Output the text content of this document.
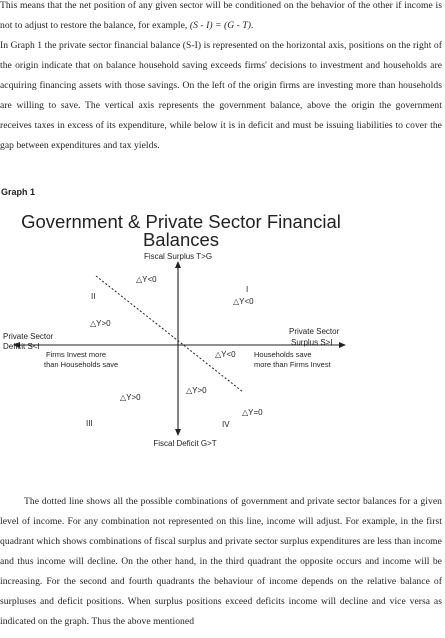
This means that the net position of any given sector will be conditioned on the behavior of the other if income is not to adjust to restore the balance, for example, (S - I) = (G - T).

In Graph 1 the private sector financial balance (S-I) is represented on the horizontal axis, positions on the right of the origin indicate that on balance household saving exceeds firms' decisions to investment and households are acquiring financing assets with those savings. On the left of the origin firms are investing more than households are willing to save. The vertical axis represents the government balance, above the origin the government receives taxes in excess of its expenditure, while below it is in deficit and must be issuing liabilities to cover the gap between expenditures and tax yields.

Graph 1

Government & Private Sector Financial
Balances
Fiscal Surplus T>G
Fiscal Deficit G>T
Private Sector
Deficit S<I
Private Sector
Surplus S>I
Firms Invest more
than Households save
Households save
more than Firms Invest
I
II
III	IV
△Y<0
△Y<0
△Y>0
△Y<0
△Y>0
△Y>0
△Y=0

The dotted line shows all the possible combinations of government and private sector balances for a given level of income. For any combination not represented on this line, income will adjust. For example, in the first quadrant which shows combinations of fiscal surplus and private sector surplus expenditures are less than income and thus income will decline. On the other hand, in the third quadrant the opposite occurs and income will be increasing. For the second and fourth quadrants the behaviour of income depends on the relative balance of surpluses and deficit positions. When surplus positions exceed deficits income will decline and vice versa as indicated on the graph. Thus the above mentioned
